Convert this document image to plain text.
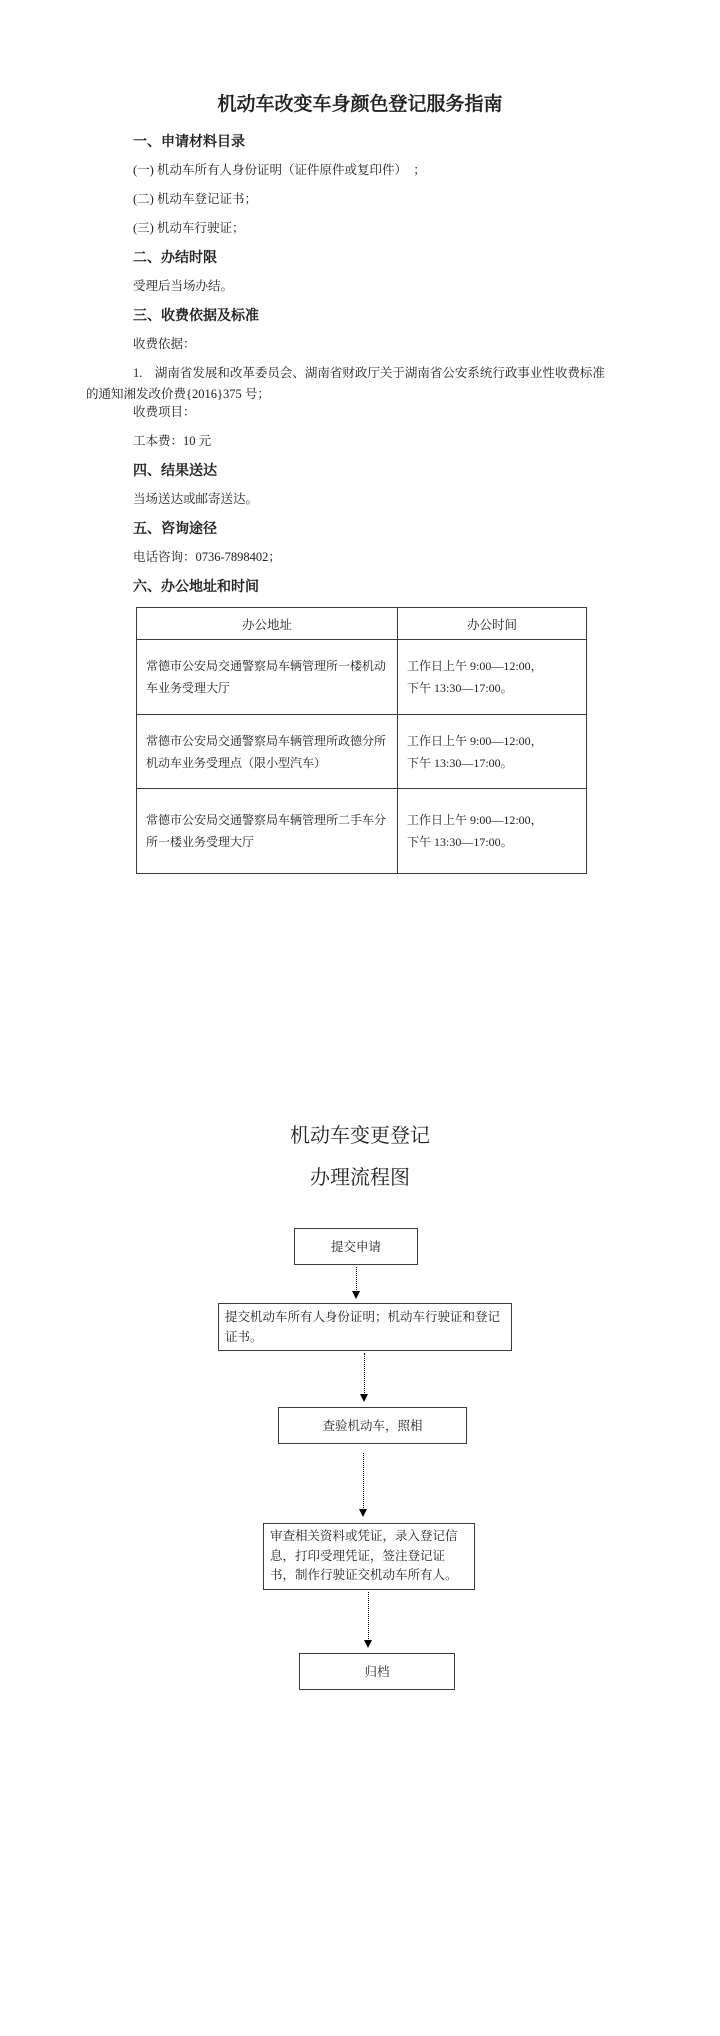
机动车改变车身颜色登记服务指南
一、申请材料目录

(一) 机动车所有人身份证明（证件原件或复印件）　；

(二) 机动车登记证书；

(三) 机动车行驶证；

二、办结时限

受理后当场办结。

三、收费依据及标准

收费依据：

1.　湖南省发展和改革委员会、湖南省财政厅关于湖南省公安系统行政事业性收费标准的通知湘发改价费{2016}375 号；

收费项目：

工本费：10 元

四、结果送达

当场送达或邮寄送达。

五、咨询途径

电话咨询：0736-7898402；

六、办公地址和时间
办公地址	办公时间
常德市公安局交通警察局车辆管理所一楼机动车业务受理大厅	工作日上午 9:00—12:00，
下午 13:30—17:00。

常德市公安局交通警察局车辆管理所政德分所机动车业务受理点（限小型汽车）	工作日上午 9:00—12:00，
下午 13:30—17:00。

常德市公安局交通警察局车辆管理所二手车分所一楼业务受理大厅	工作日上午 9:00—12:00，
下午 13:30—17:00。
机动车变更登记
办理流程图
提交申请
提交机动车所有人身份证明；机动车行驶证和登记证书。
查验机动车，照相
审查相关资料或凭证，录入登记信息，打印受理凭证，签注登记证书，制作行驶证交机动车所有人。
归档
